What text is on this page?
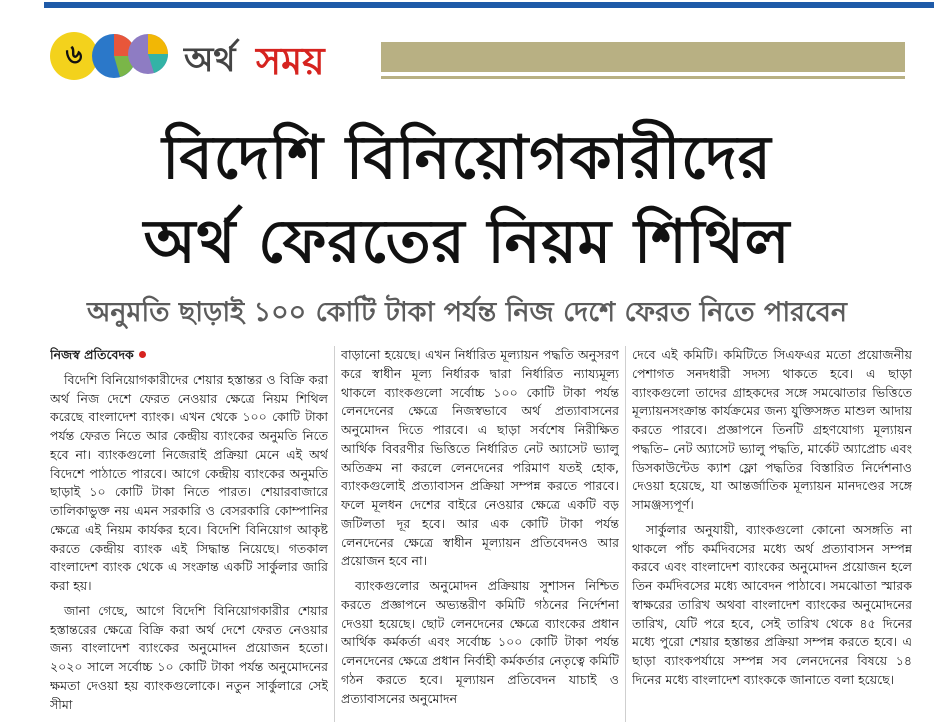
৬	অর্থ সময়
বিদেশি বিনিয়োগকারীদের
অর্থ ফেরতের নিয়ম শিথিল
অনুমতি ছাড়াই ১০০ কোটি টাকা পর্যন্ত নিজ দেশে ফেরত নিতে পারবেন

নিজস্ব প্রতিবেদক

বিদেশি বিনিয়োগকারীদের শেয়ার হস্তান্তর ও বিক্রি করা অর্থ নিজ দেশে ফেরত নেওয়ার ক্ষেত্রে নিয়ম শিথিল করেছে বাংলাদেশ ব্যাংক। এখন থেকে ১০০ কোটি টাকা পর্যন্ত ফেরত নিতে আর কেন্দ্রীয় ব্যাংকের অনুমতি নিতে হবে না। ব্যাংকগুলো নিজেরাই প্রক্রিয়া মেনে এই অর্থ বিদেশে পাঠাতে পারবে। আগে কেন্দ্রীয় ব্যাংকের অনুমতি ছাড়াই ১০ কোটি টাকা নিতে পারত। শেয়ারবাজারে তালিকাভুক্ত নয় এমন সরকারি ও বেসরকারি কোম্পানির ক্ষেত্রে এই নিয়ম কার্যকর হবে। বিদেশি বিনিয়োগ আকৃষ্ট করতে কেন্দ্রীয় ব্যাংক এই সিদ্ধান্ত নিয়েছে। গতকাল বাংলাদেশ ব্যাংক থেকে এ সংক্রান্ত একটি সার্কুলার জারি করা হয়।

জানা গেছে, আগে বিদেশি বিনিয়োগকারীর শেয়ার হস্তান্তরের ক্ষেত্রে বিক্রি করা অর্থ দেশে ফেরত নেওয়ার জন্য বাংলাদেশ ব্যাংকের অনুমোদন প্রয়োজন হতো। ২০২০ সালে সর্বোচ্চ ১০ কোটি টাকা পর্যন্ত অনুমোদনের ক্ষমতা দেওয়া হয় ব্যাংকগুলোকে। নতুন সার্কুলারে সেই সীমা

বাড়ানো হয়েছে। এখন নির্ধারিত মূল্যায়ন পদ্ধতি অনুসরণ করে স্বাধীন মূল্য নির্ধারক দ্বারা নির্ধারিত ন্যায্যমূল্য থাকলে ব্যাংকগুলো সর্বোচ্চ ১০০ কোটি টাকা পর্যন্ত লেনদেনের ক্ষেত্রে নিজস্বভাবে অর্থ প্রত্যাবাসনের অনুমোদন দিতে পারবে। এ ছাড়া সর্বশেষ নিরীক্ষিত আর্থিক বিবরণীর ভিত্তিতে নির্ধারিত নেট অ্যাসেট ভ্যালু অতিক্রম না করলে লেনদেনের পরিমাণ যতই হোক, ব্যাংকগুলোই প্রত্যাবাসন প্রক্রিয়া সম্পন্ন করতে পারবে। ফলে মূলধন দেশের বাইরে নেওয়ার ক্ষেত্রে একটি বড় জটিলতা দূর হবে। আর এক কোটি টাকা পর্যন্ত লেনদেনের ক্ষেত্রে স্বাধীন মূল্যায়ন প্রতিবেদনও আর প্রয়োজন হবে না।

ব্যাংকগুলোর অনুমোদন প্রক্রিয়ায় সুশাসন নিশ্চিত করতে প্রজ্ঞাপনে অভ্যন্তরীণ কমিটি গঠনের নির্দেশনা দেওয়া হয়েছে। ছোট লেনদেনের ক্ষেত্রে ব্যাংকের প্রধান আর্থিক কর্মকর্তা এবং সর্বোচ্চ ১০০ কোটি টাকা পর্যন্ত লেনদেনের ক্ষেত্রে প্রধান নির্বাহী কর্মকর্তার নেতৃত্বে কমিটি গঠন করতে হবে। মূল্যায়ন প্রতিবেদন যাচাই ও প্রত্যাবাসনের অনুমোদন

দেবে এই কমিটি। কমিটিতে সিএফএর মতো প্রয়োজনীয় পেশাগত সনদধারী সদস্য থাকতে হবে। এ ছাড়া ব্যাংকগুলো তাদের গ্রাহকদের সঙ্গে সমঝোতার ভিত্তিতে মূল্যায়নসংক্রান্ত কার্যক্রমের জন্য যুক্তিসঙ্গত মাশুল আদায় করতে পারবে। প্রজ্ঞাপনে তিনটি গ্রহণযোগ্য মূল্যায়ন পদ্ধতি– নেট অ্যাসেট ভ্যালু পদ্ধতি, মার্কেট অ্যাপ্রোচ এবং ডিসকাউন্টেড ক্যাশ ফ্লো পদ্ধতির বিস্তারিত নির্দেশনাও দেওয়া হয়েছে, যা আন্তর্জাতিক মূল্যায়ন মানদণ্ডের সঙ্গে সামঞ্জস্যপূর্ণ।

সার্কুলার অনুযায়ী, ব্যাংকগুলো কোনো অসঙ্গতি না থাকলে পাঁচ কর্মদিবসের মধ্যে অর্থ প্রত্যাবাসন সম্পন্ন করবে এবং বাংলাদেশ ব্যাংকের অনুমোদন প্রয়োজন হলে তিন কর্মদিবসের মধ্যে আবেদন পাঠাবে। সমঝোতা স্মারক স্বাক্ষরের তারিখ অথবা বাংলাদেশ ব্যাংকের অনুমোদনের তারিখ, যেটি পরে হবে, সেই তারিখ থেকে ৪৫ দিনের মধ্যে পুরো শেয়ার হস্তান্তর প্রক্রিয়া সম্পন্ন করতে হবে। এ ছাড়া ব্যাংকপর্যায়ে সম্পন্ন সব লেনদেনের বিষয়ে ১৪ দিনের মধ্যে বাংলাদেশ ব্যাংককে জানাতে বলা হয়েছে।
